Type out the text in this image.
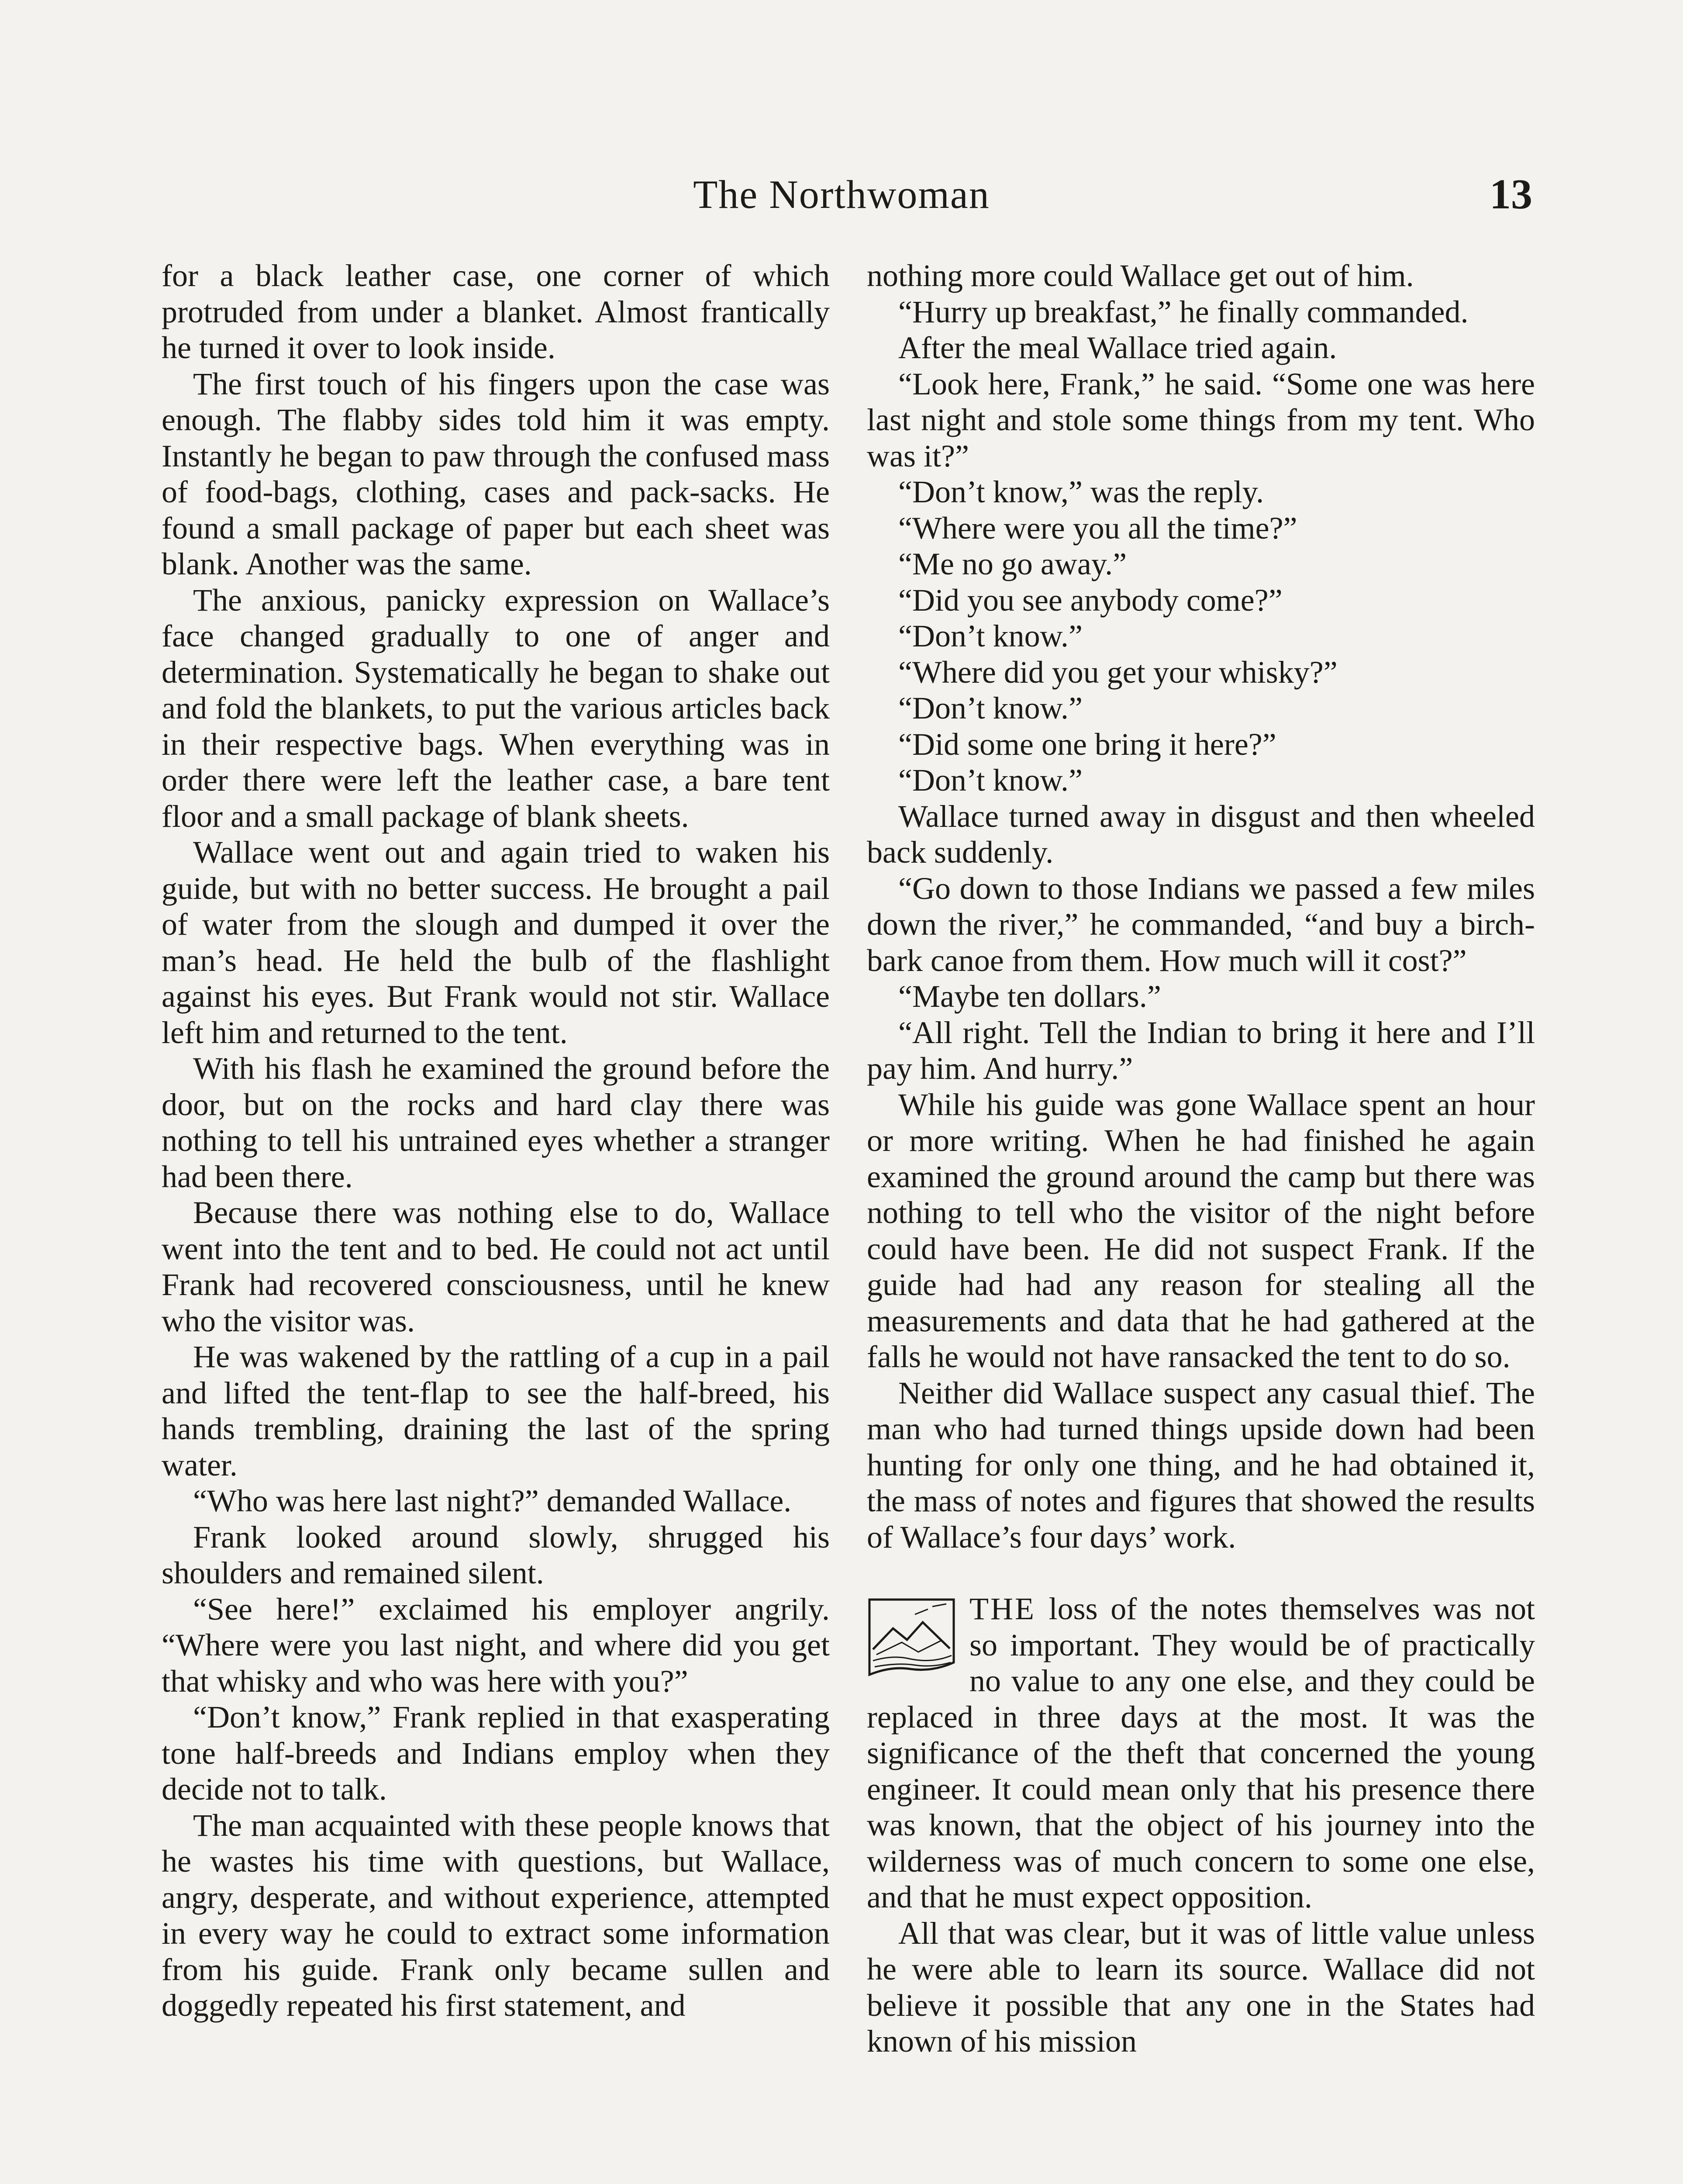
The Northwoman	13

for a black leather case, one corner of which protruded from under a blanket. Almost frantically he turned it over to look inside.

The first touch of his fingers upon the case was enough. The flabby sides told him it was empty. Instantly he began to paw through the confused mass of food-bags, clothing, cases and pack-sacks. He found a small package of paper but each sheet was blank. Another was the same.

The anxious, panicky expression on Wallace’s face changed gradually to one of anger and determination. Systematically he began to shake out and fold the blankets, to put the various articles back in their respective bags. When everything was in order there were left the leather case, a bare tent floor and a small package of blank sheets.

Wallace went out and again tried to waken his guide, but with no better success. He brought a pail of water from the slough and dumped it over the man’s head. He held the bulb of the flashlight against his eyes. But Frank would not stir. Wallace left him and returned to the tent.

With his flash he examined the ground before the door, but on the rocks and hard clay there was nothing to tell his untrained eyes whether a stranger had been there.

Because there was nothing else to do, Wallace went into the tent and to bed. He could not act until Frank had recovered consciousness, until he knew who the visitor was.

He was wakened by the rattling of a cup in a pail and lifted the tent-flap to see the half-breed, his hands trembling, draining the last of the spring water.

“Who was here last night?” demanded Wallace.

Frank looked around slowly, shrugged his shoulders and remained silent.

“See here!” exclaimed his employer angrily. “Where were you last night, and where did you get that whisky and who was here with you?”

“Don’t know,” Frank replied in that exasperating tone half-breeds and Indians employ when they decide not to talk.

The man acquainted with these people knows that he wastes his time with questions, but Wallace, angry, desperate, and without experience, attempted in every way he could to extract some information from his guide. Frank only became sullen and doggedly repeated his first statement, and

nothing more could Wallace get out of him.

“Hurry up breakfast,” he finally commanded.

After the meal Wallace tried again.

“Look here, Frank,” he said. “Some one was here last night and stole some things from my tent. Who was it?”

“Don’t know,” was the reply.

“Where were you all the time?”

“Me no go away.”

“Did you see anybody come?”

“Don’t know.”

“Where did you get your whisky?”

“Don’t know.”

“Did some one bring it here?”

“Don’t know.”

Wallace turned away in disgust and then wheeled back suddenly.

“Go down to those Indians we passed a few miles down the river,” he commanded, “and buy a birch-bark canoe from them. How much will it cost?”

“Maybe ten dollars.”

“All right. Tell the Indian to bring it here and I’ll pay him. And hurry.”

While his guide was gone Wallace spent an hour or more writing. When he had finished he again examined the ground around the camp but there was nothing to tell who the visitor of the night before could have been. He did not suspect Frank. If the guide had had any reason for stealing all the measurements and data that he had gathered at the falls he would not have ransacked the tent to do so.

Neither did Wallace suspect any casual thief. The man who had turned things upside down had been hunting for only one thing, and he had obtained it, the mass of notes and figures that showed the results of Wallace’s four days’ work.

THE loss of the notes themselves was not so important. They would be of practically no value to any one else, and they could be replaced in three days at the most. It was the significance of the theft that concerned the young engineer. It could mean only that his presence there was known, that the object of his journey into the wilderness was of much concern to some one else, and that he must expect opposition.

All that was clear, but it was of little value unless he were able to learn its source. Wallace did not believe it possible that any one in the States had known of his mission
